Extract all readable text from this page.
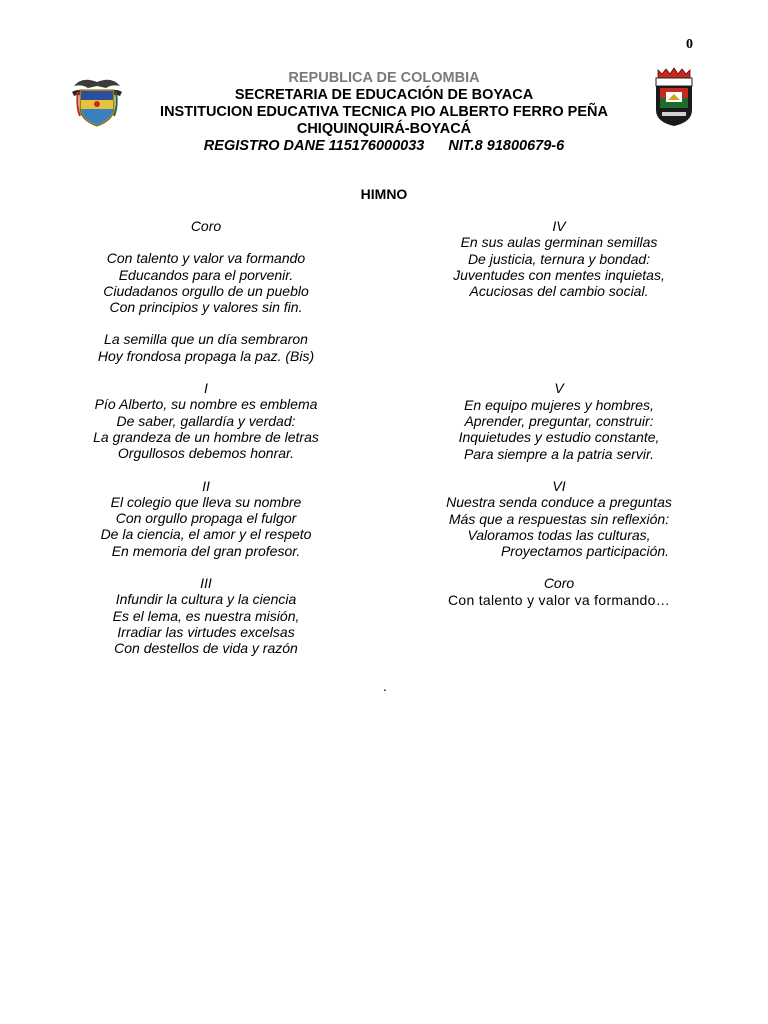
0
REPUBLICA DE COLOMBIA
SECRETARIA DE EDUCACIÓN DE BOYACA
INSTITUCION EDUCATIVA TECNICA PIO ALBERTO FERRO PEÑA
CHIQUINQUIRÁ-BOYACÁ
REGISTRO DANE 115176000033 NIT.8 91800679-6
HIMNO
Coro
Con talento y valor va formando
Educandos para el porvenir.
Ciudadanos orgullo de un pueblo
Con principios y valores sin fin.
La semilla que un día sembraron
Hoy frondosa propaga la paz. (Bis)
I
Pío Alberto, su nombre es emblema
De saber, gallardía y verdad:
La grandeza de un hombre de letras
Orgullosos debemos honrar.
II
El colegio que lleva su nombre
Con orgullo propaga el fulgor
De la ciencia, el amor y el respeto
En memoria del gran profesor.
III
Infundir la cultura y la ciencia
Es el lema, es nuestra misión,
Irradiar las virtudes excelsas
Con destellos de vida y razón
IV
En sus aulas germinan semillas
De justicia, ternura y bondad:
Juventudes con mentes inquietas,
Acuciosas del cambio social.
V
En equipo mujeres y hombres,
Aprender, preguntar, construir:
Inquietudes y estudio constante,
Para siempre a la patria servir.
VI
Nuestra senda conduce a preguntas
Más que a respuestas sin reflexión:
Valoramos todas las culturas,
Proyectamos participación.
Coro
Con talento y valor va formando…
.
